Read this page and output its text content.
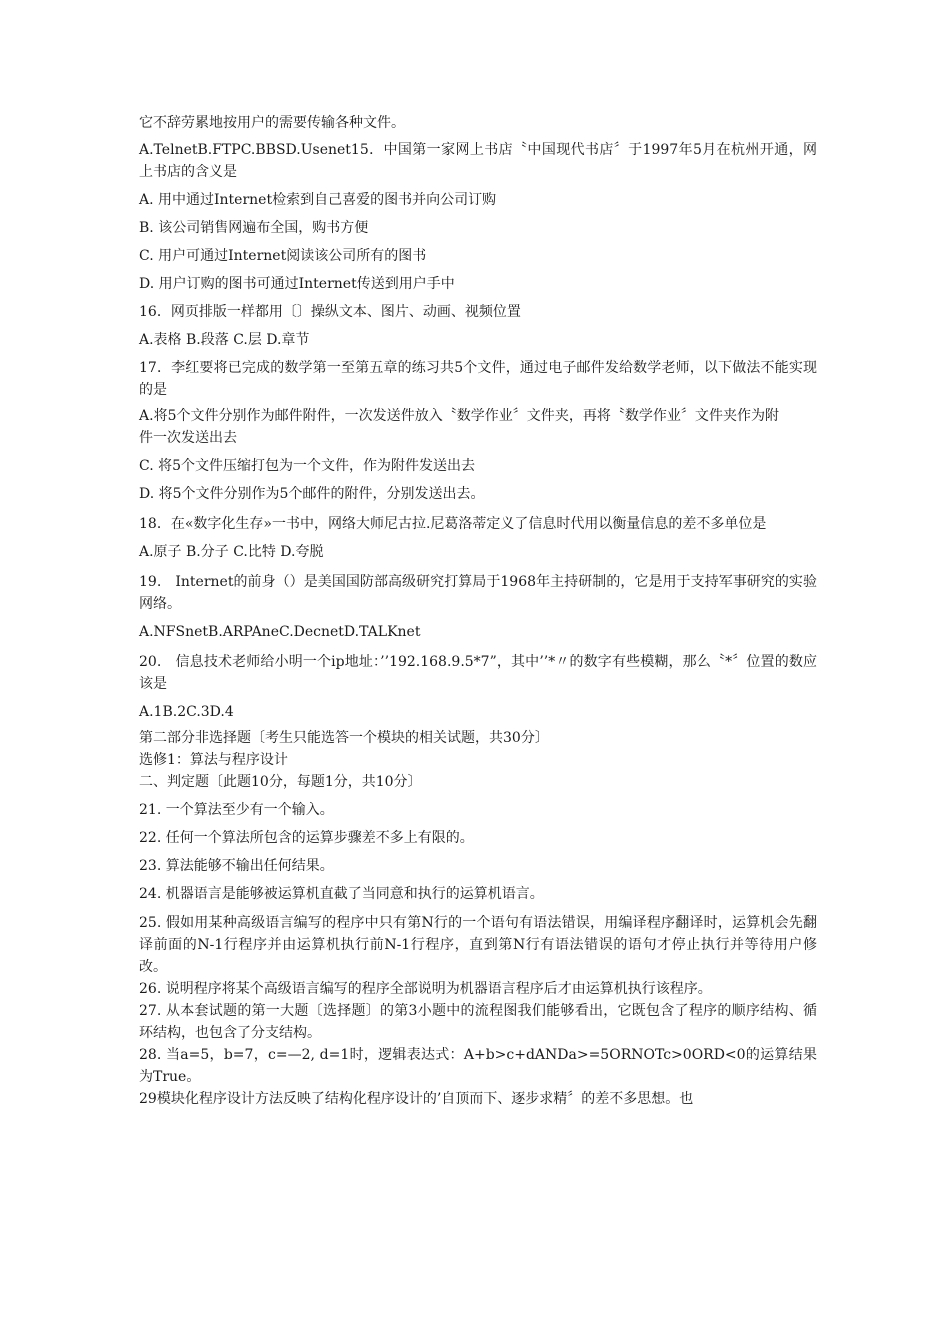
它不辞劳累地按用户的需要传输各种文件。

A.TelnetB.FTPC.BBSD.Usenet15．中国第一家网上书店〝中国现代书店〞于1997年5月在杭州开通，网上书店的含义是

A. 用中通过Internet检索到自己喜爱的图书并向公司订购

B. 该公司销售网遍布全国，购书方便

C. 用户可通过Internet阅读该公司所有的图书

D. 用户订购的图书可通过Internet传送到用户手中

16．网页排版一样都用〔〕操纵文本、图片、动画、视频位置

A.表格 B.段落 C.层 D.章节

17．李红要将已完成的数学第一至第五章的练习共5个文件，通过电子邮件发给数学老师，以下做法不能实现的是

A.将5个文件分别作为邮件附件，一次发送件放入〝数学作业〞文件夹，再将〝数学作业〞文件夹作为附件一次发送出去

C. 将5个文件压缩打包为一个文件，作为附件发送出去

D. 将5个文件分别作为5个邮件的附件，分别发送出去。

18．在«数字化生存»一书中，网络大师尼古拉.尼葛洛蒂定义了信息时代用以衡量信息的差不多单位是

A.原子 B.分子 C.比特 D.夸脱

19.　Internet的前身（）是美国国防部高级研究打算局于1968年主持研制的，它是用于支持军事研究的实验网络。

A.NFSnetB.ARPAneC.DecnetD.TALKnet

20.　信息技术老师给小明一个ip地址：’’192.168.9.5*7”，其中’’*〃的数字有些模糊，那么〝*〞位置的数应该是

A.1B.2C.3D.4

第二部分非选择题〔考生只能选答一个模块的相关试题，共30分〕

选修1：算法与程序设计

二、判定题〔此题10分，每题1分，共10分〕

21. 一个算法至少有一个输入。

22. 任何一个算法所包含的运算步骤差不多上有限的。

23. 算法能够不输出任何结果。

24. 机器语言是能够被运算机直截了当同意和执行的运算机语言。

25. 假如用某种高级语言编写的程序中只有第N行的一个语句有语法错误，用编译程序翻译时，运算机会先翻译前面的N-1行程序并由运算机执行前N-1行程序，直到第N行有语法错误的语句才停止执行并等待用户修改。

26. 说明程序将某个高级语言编写的程序全部说明为机器语言程序后才由运算机执行该程序。

27. 从本套试题的第一大题〔选择题〕的第3小题中的流程图我们能够看出，它既包含了程序的顺序结构、循环结构，也包含了分支结构。

28. 当a=5，b=7，c=—2, d=1时，逻辑表达式：A+b>c+dANDa>=5ORNOTc>0ORD<0的运算结果为True。

29模块化程序设计方法反映了结构化程序设计的’自顶而下、逐步求精〞的差不多思想。也
